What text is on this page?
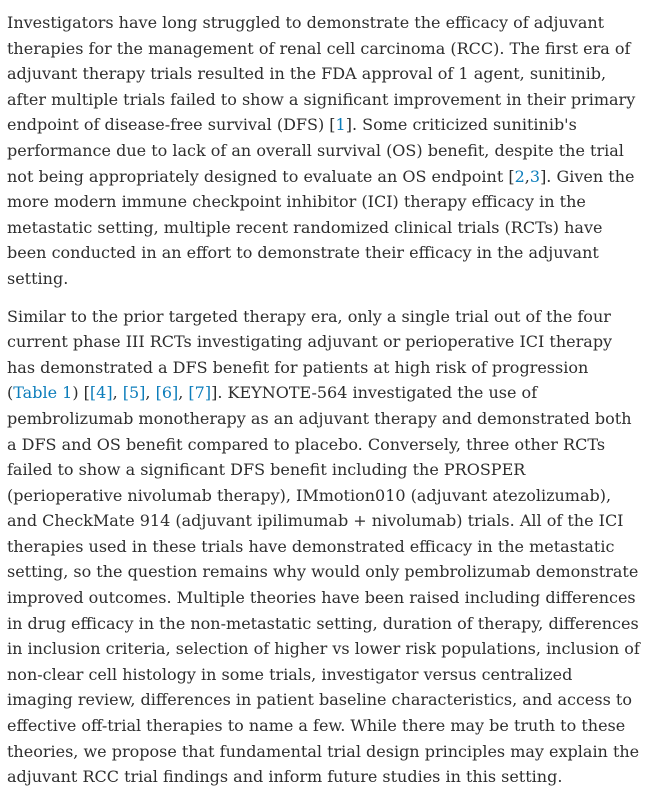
Investigators have long struggled to demonstrate the efficacy of adjuvant therapies for the management of renal cell carcinoma (RCC). The first era of adjuvant therapy trials resulted in the FDA approval of 1 agent, sunitinib, after multiple trials failed to show a significant improvement in their primary endpoint of disease-free survival (DFS) [1]. Some criticized sunitinib's performance due to lack of an overall survival (OS) benefit, despite the trial not being appropriately designed to evaluate an OS endpoint [2,3]. Given the more modern immune checkpoint inhibitor (ICI) therapy efficacy in the metastatic setting, multiple recent randomized clinical trials (RCTs) have been conducted in an effort to demonstrate their efficacy in the adjuvant setting.

Similar to the prior targeted therapy era, only a single trial out of the four current phase III RCTs investigating adjuvant or perioperative ICI therapy has demonstrated a DFS benefit for patients at high risk of progression (Table 1) [[4], [5], [6], [7]]. KEYNOTE-564 investigated the use of pembrolizumab monotherapy as an adjuvant therapy and demonstrated both a DFS and OS benefit compared to placebo. Conversely, three other RCTs failed to show a significant DFS benefit including the PROSPER (perioperative nivolumab therapy), IMmotion010 (adjuvant atezolizumab), and CheckMate 914 (adjuvant ipilimumab + nivolumab) trials. All of the ICI therapies used in these trials have demonstrated efficacy in the metastatic setting, so the question remains why would only pembrolizumab demonstrate improved outcomes. Multiple theories have been raised including differences in drug efficacy in the non-metastatic setting, duration of therapy, differences in inclusion criteria, selection of higher vs lower risk populations, inclusion of non-clear cell histology in some trials, investigator versus centralized imaging review, differences in patient baseline characteristics, and access to effective off-trial therapies to name a few. While there may be truth to these theories, we propose that fundamental trial design principles may explain the adjuvant RCC trial findings and inform future studies in this setting.
